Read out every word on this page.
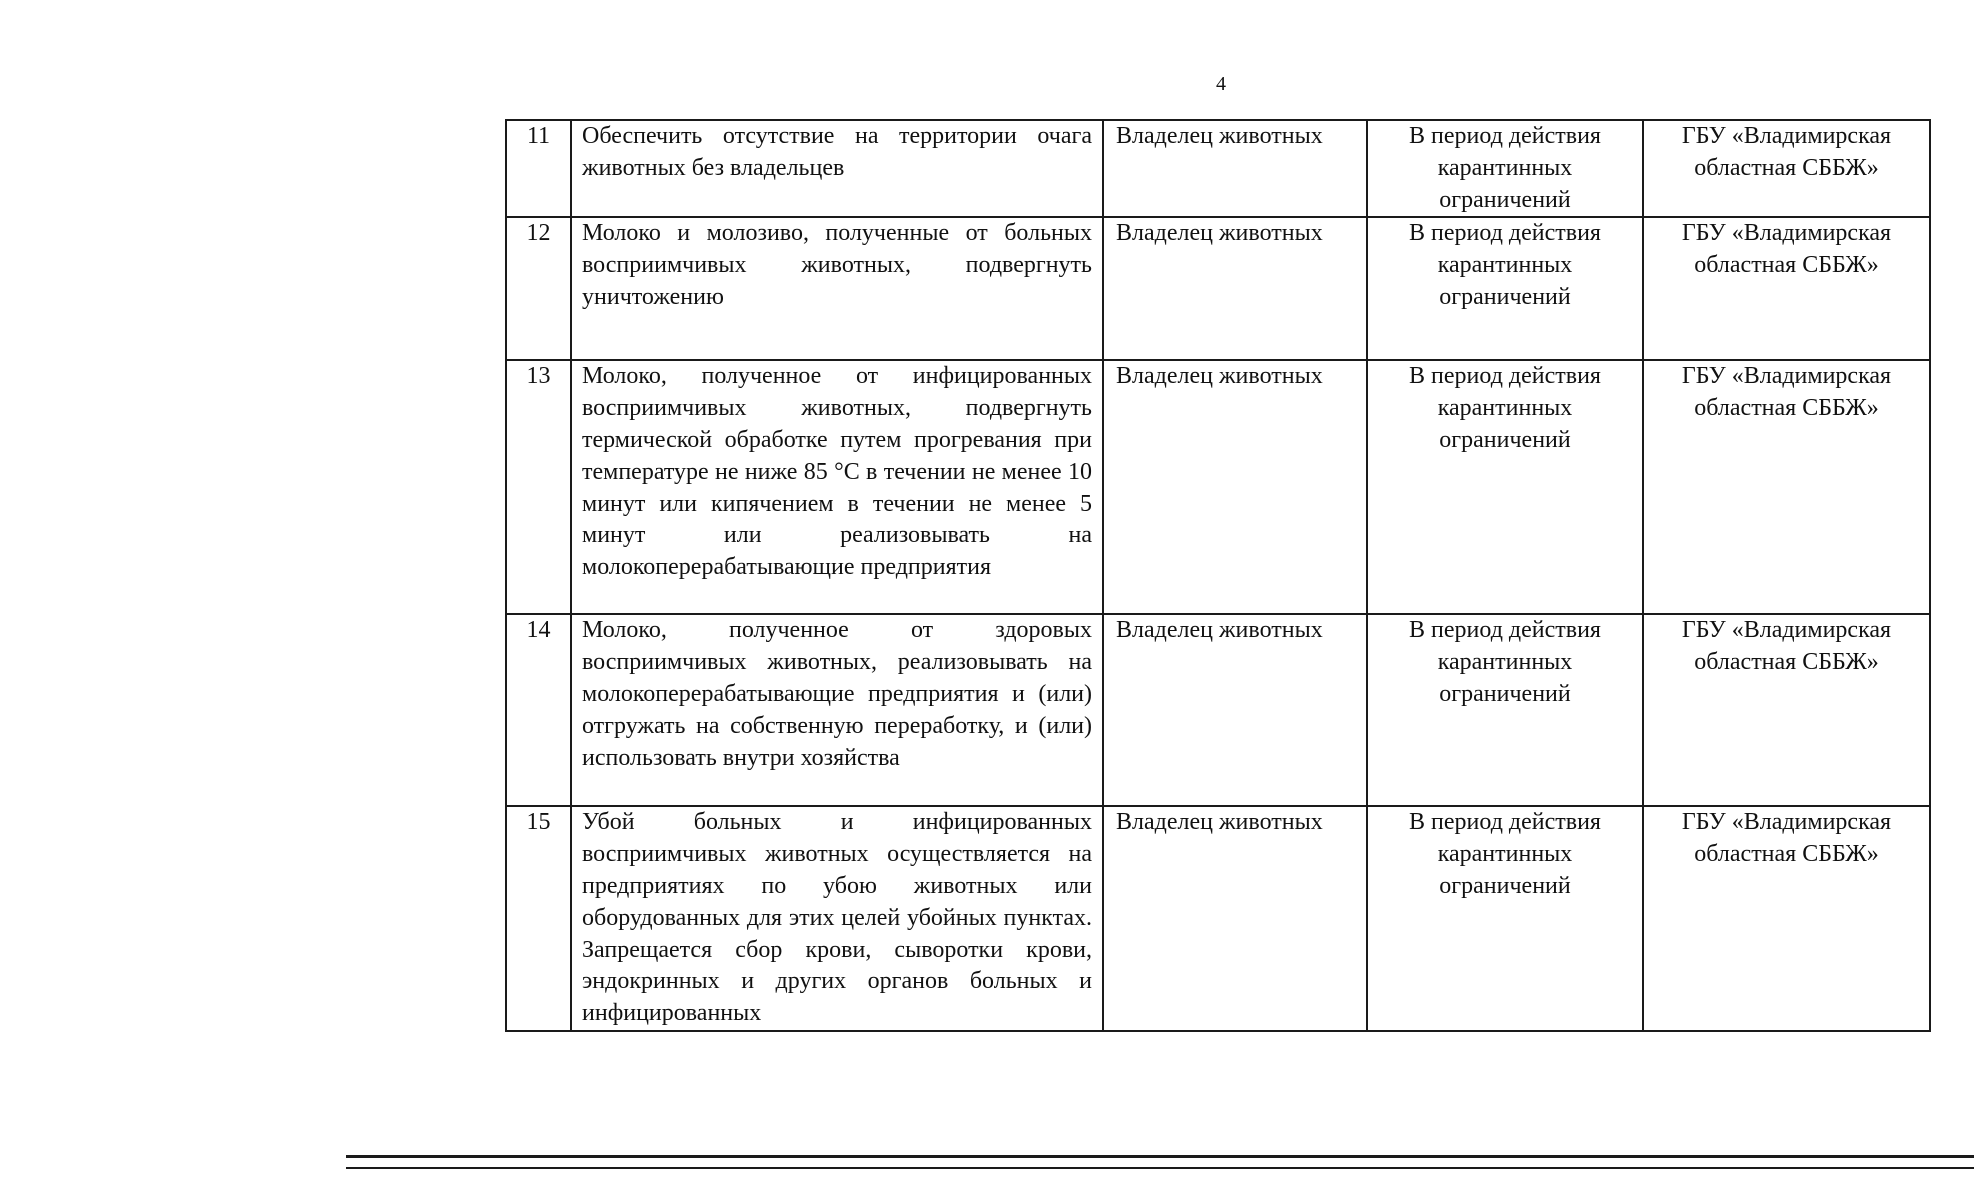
4
11	Обеспечить отсутствие на территории очага животных без владельцев	Владелец животных	В период действия карантинных ограничений	ГБУ «Владимирская областная СББЖ»
12	Молоко и молозиво, полученные от больных восприимчивых животных, подвергнуть уничтожению	Владелец животных	В период действия карантинных ограничений	ГБУ «Владимирская областная СББЖ»
13	Молоко, полученное от инфицированных восприимчивых животных, подвергнуть термической обработке путем прогревания при температуре не ниже 85 °С в течении не менее 10 минут или кипячением в течении не менее 5 минут или реализовывать на молокоперерабатывающие предприятия	Владелец животных	В период действия карантинных ограничений	ГБУ «Владимирская областная СББЖ»
14	Молоко, полученное от здоровых восприимчивых животных, реализовывать на молокоперерабатывающие предприятия и (или) отгружать на собственную переработку, и (или) использовать внутри хозяйства	Владелец животных	В период действия карантинных ограничений	ГБУ «Владимирская областная СББЖ»
15	Убой больных и инфицированных восприимчивых животных осуществляется на предприятиях по убою животных или оборудованных для этих целей убойных пунктах. Запрещается сбор крови, сыворотки крови, эндокринных и других органов больных и инфицированных	Владелец животных	В период действия карантинных ограничений	ГБУ «Владимирская областная СББЖ»
